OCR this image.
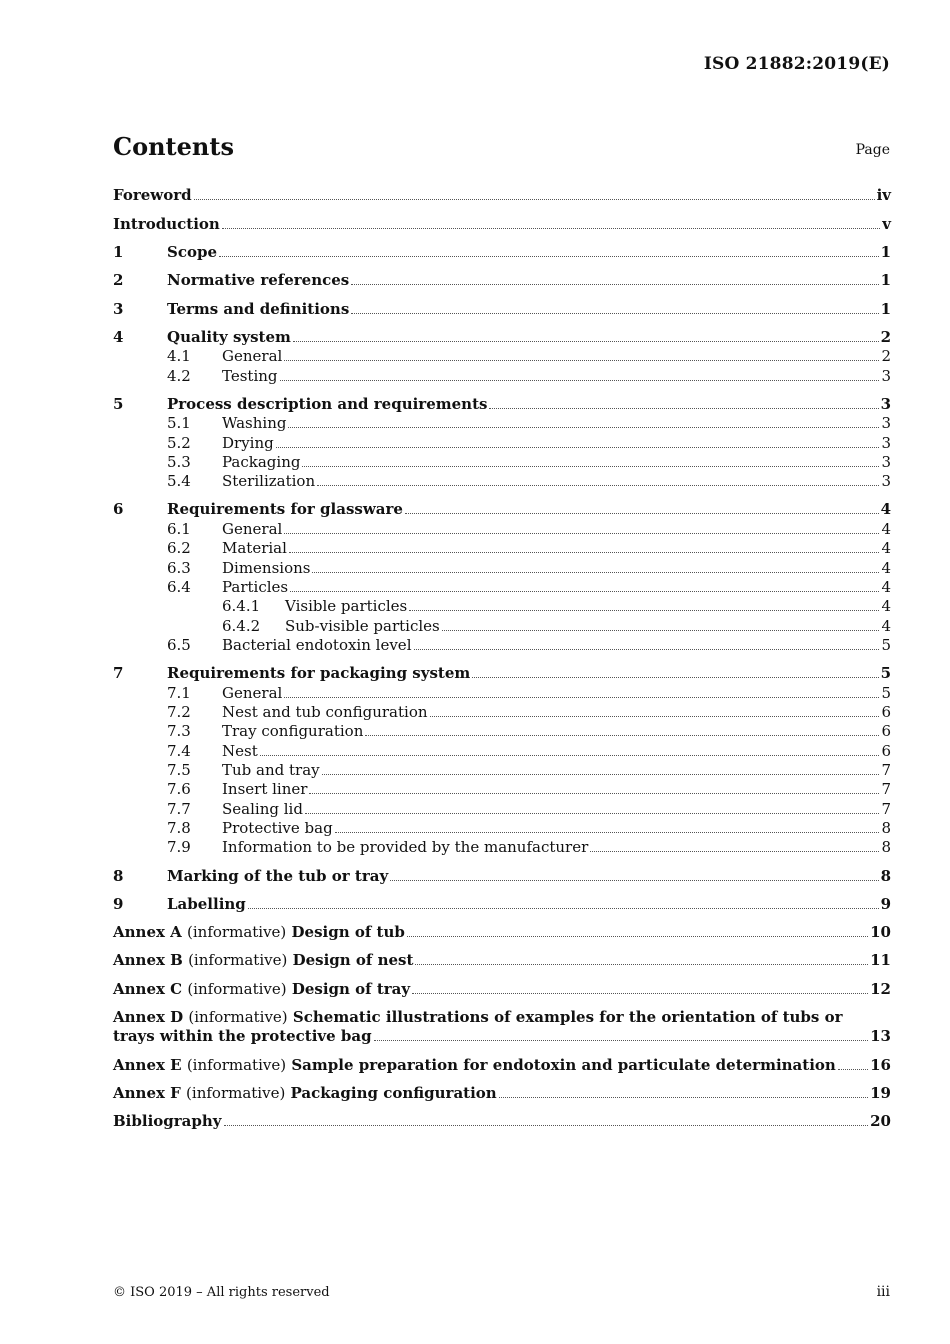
ISO 21882:2019(E)
Contents	Page
Foreword	iv
Introduction	v
1	Scope	1
2	Normative references	1
3	Terms and definitions	1
4	Quality system	2
4.1	General	2
4.2	Testing	3
5	Process description and requirements	3
5.1	Washing	3
5.2	Drying	3
5.3	Packaging	3
5.4	Sterilization	3
6	Requirements for glassware	4
6.1	General	4
6.2	Material	4
6.3	Dimensions	4
6.4	Particles	4
6.4.1	Visible particles	4
6.4.2	Sub-visible particles	4
6.5	Bacterial endotoxin level	5
7	Requirements for packaging system	5
7.1	General	5
7.2	Nest and tub configuration	6
7.3	Tray configuration	6
7.4	Nest	6
7.5	Tub and tray	7
7.6	Insert liner	7
7.7	Sealing lid	7
7.8	Protective bag	8
7.9	Information to be provided by the manufacturer	8
8	Marking of the tub or tray	8
9	Labelling	9
Annex A (informative) Design of tub	10
Annex B (informative) Design of nest	11
Annex C (informative) Design of tray	12
Annex D (informative) Schematic illustrations of examples for the orientation of tubs or
trays within the protective bag	13
Annex E (informative) Sample preparation for endotoxin and particulate determination 16
Annex F (informative) Packaging configuration	19
Bibliography	20
© ISO 2019 – All rights reserved	iii
